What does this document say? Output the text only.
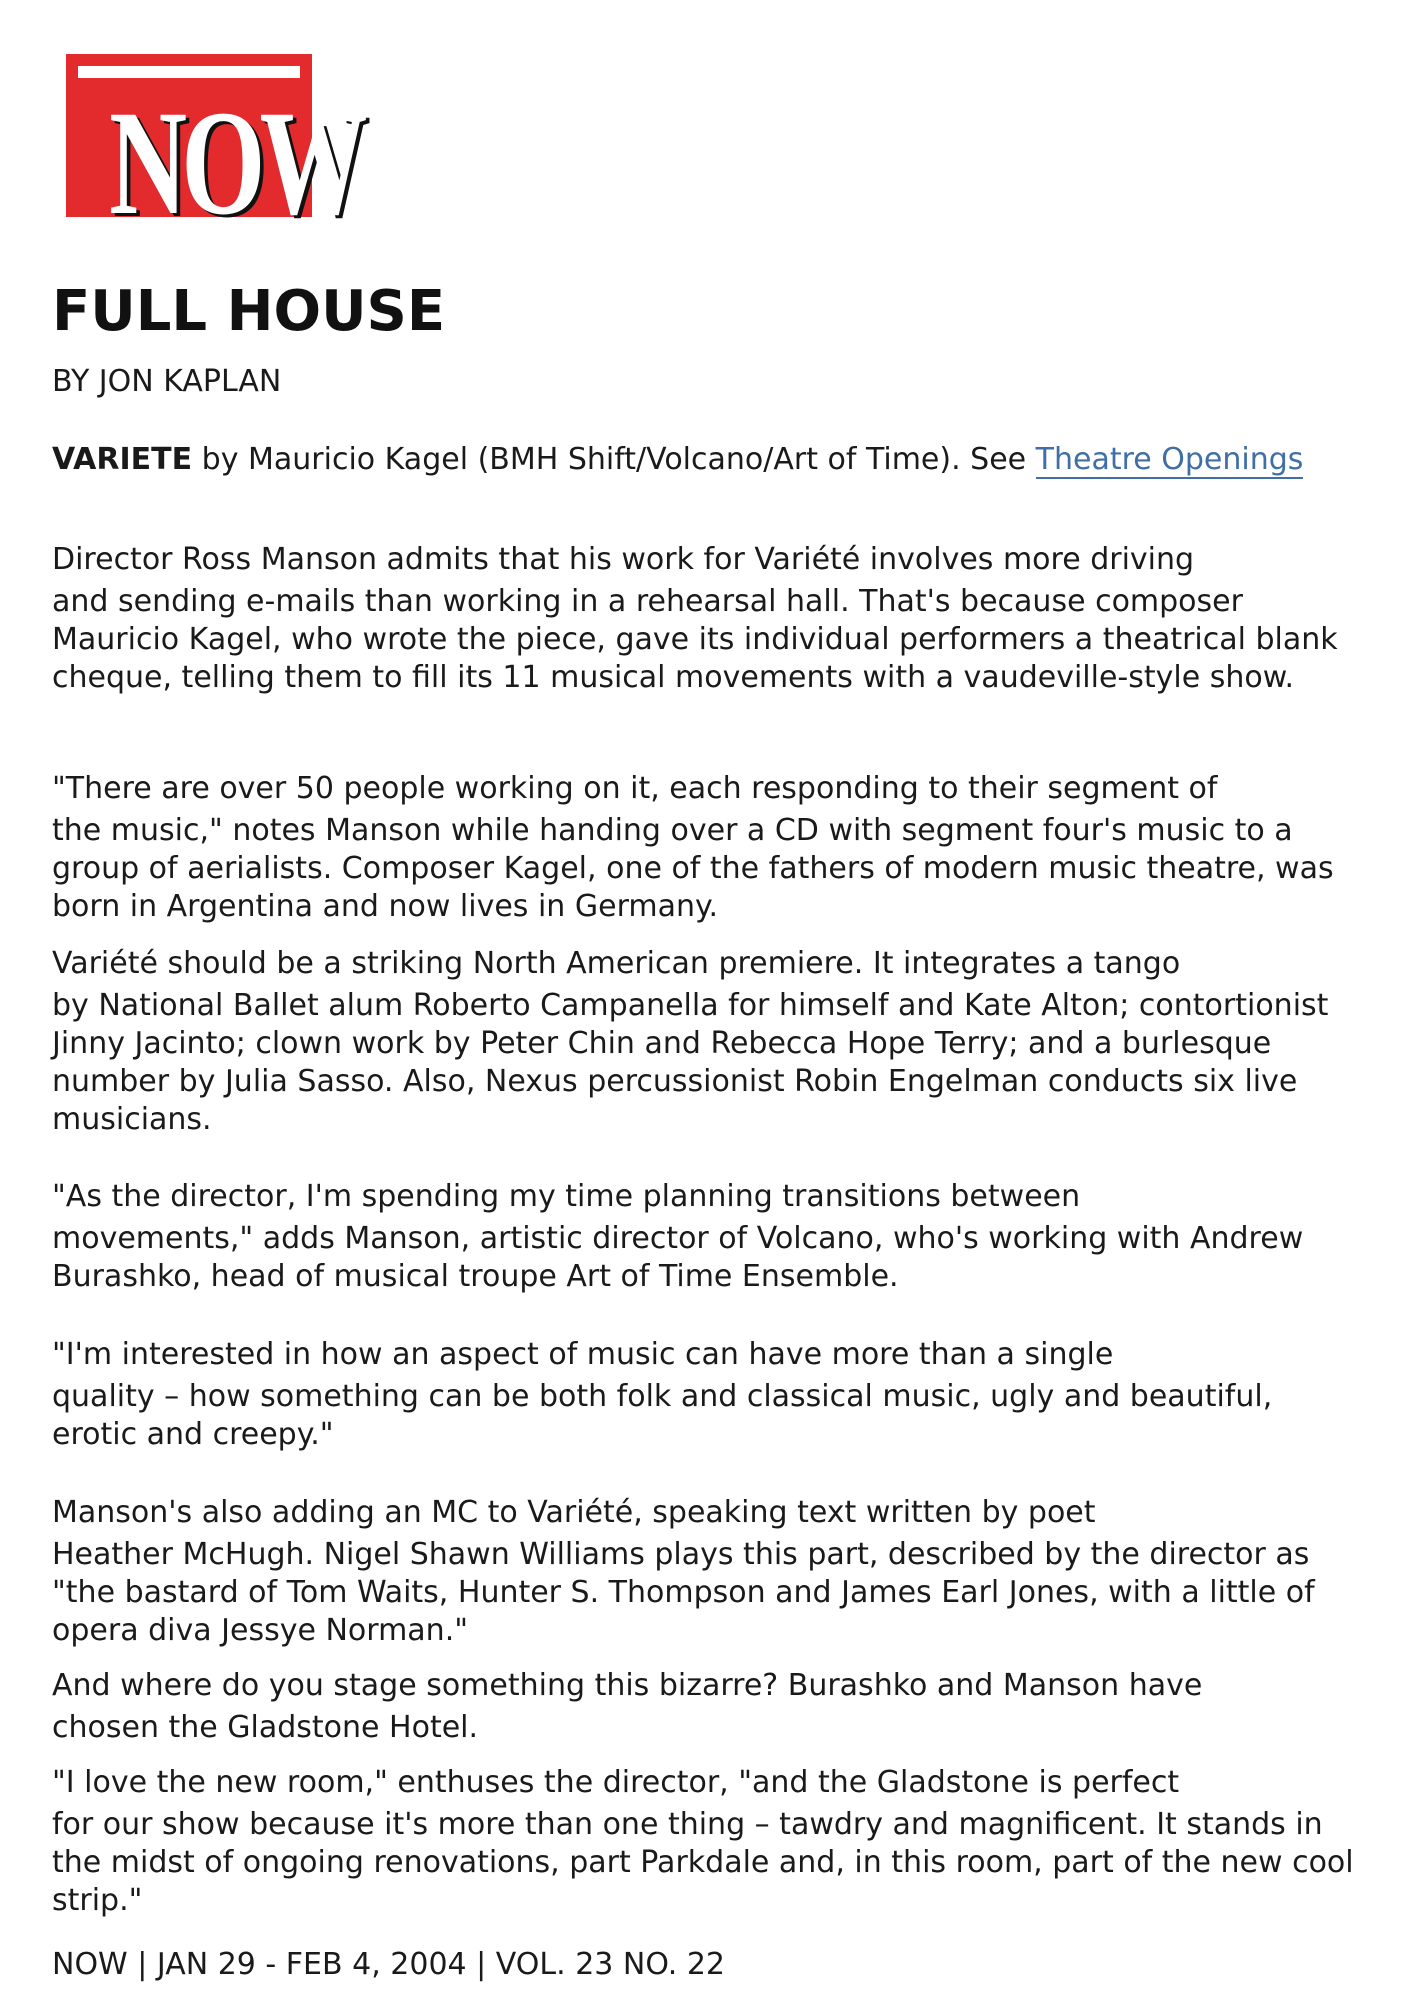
NOW
FULL HOUSE
BY JON KAPLAN
VARIETE by Mauricio Kagel (BMH Shift/Volcano/Art of Time). See Theatre Openings
Director Ross Manson admits that his work for Variété involves more driving
and sending e-mails than working in a rehearsal hall. That's because composer Mauricio Kagel, who wrote the piece, gave its individual performers a theatrical blank cheque, telling them to fill its 11 musical movements with a vaudeville-style show.
"There are over 50 people working on it, each responding to their segment of
the music," notes Manson while handing over a CD with segment four's music to a group of aerialists. Composer Kagel, one of the fathers of modern music theatre, was born in Argentina and now lives in Germany.
Variété should be a striking North American premiere. It integrates a tango
by National Ballet alum Roberto Campanella for himself and Kate Alton; contortionist Jinny Jacinto; clown work by Peter Chin and Rebecca Hope Terry; and a burlesque number by Julia Sasso. Also, Nexus percussionist Robin Engelman conducts six live musicians.
"As the director, I'm spending my time planning transitions between
movements," adds Manson, artistic director of Volcano, who's working with Andrew Burashko, head of musical troupe Art of Time Ensemble.
"I'm interested in how an aspect of music can have more than a single
quality – how something can be both folk and classical music, ugly and beautiful, erotic and creepy."
Manson's also adding an MC to Variété, speaking text written by poet
Heather McHugh. Nigel Shawn Williams plays this part, described by the director as "the bastard of Tom Waits, Hunter S. Thompson and James Earl Jones, with a little of opera diva Jessye Norman."
And where do you stage something this bizarre? Burashko and Manson have
chosen the Gladstone Hotel.
"I love the new room," enthuses the director, "and the Gladstone is perfect
for our show because it's more than one thing – tawdry and magnificent. It stands in the midst of ongoing renovations, part Parkdale and, in this room, part of the new cool strip."
NOW | JAN 29 - FEB 4, 2004 | VOL. 23 NO. 22
